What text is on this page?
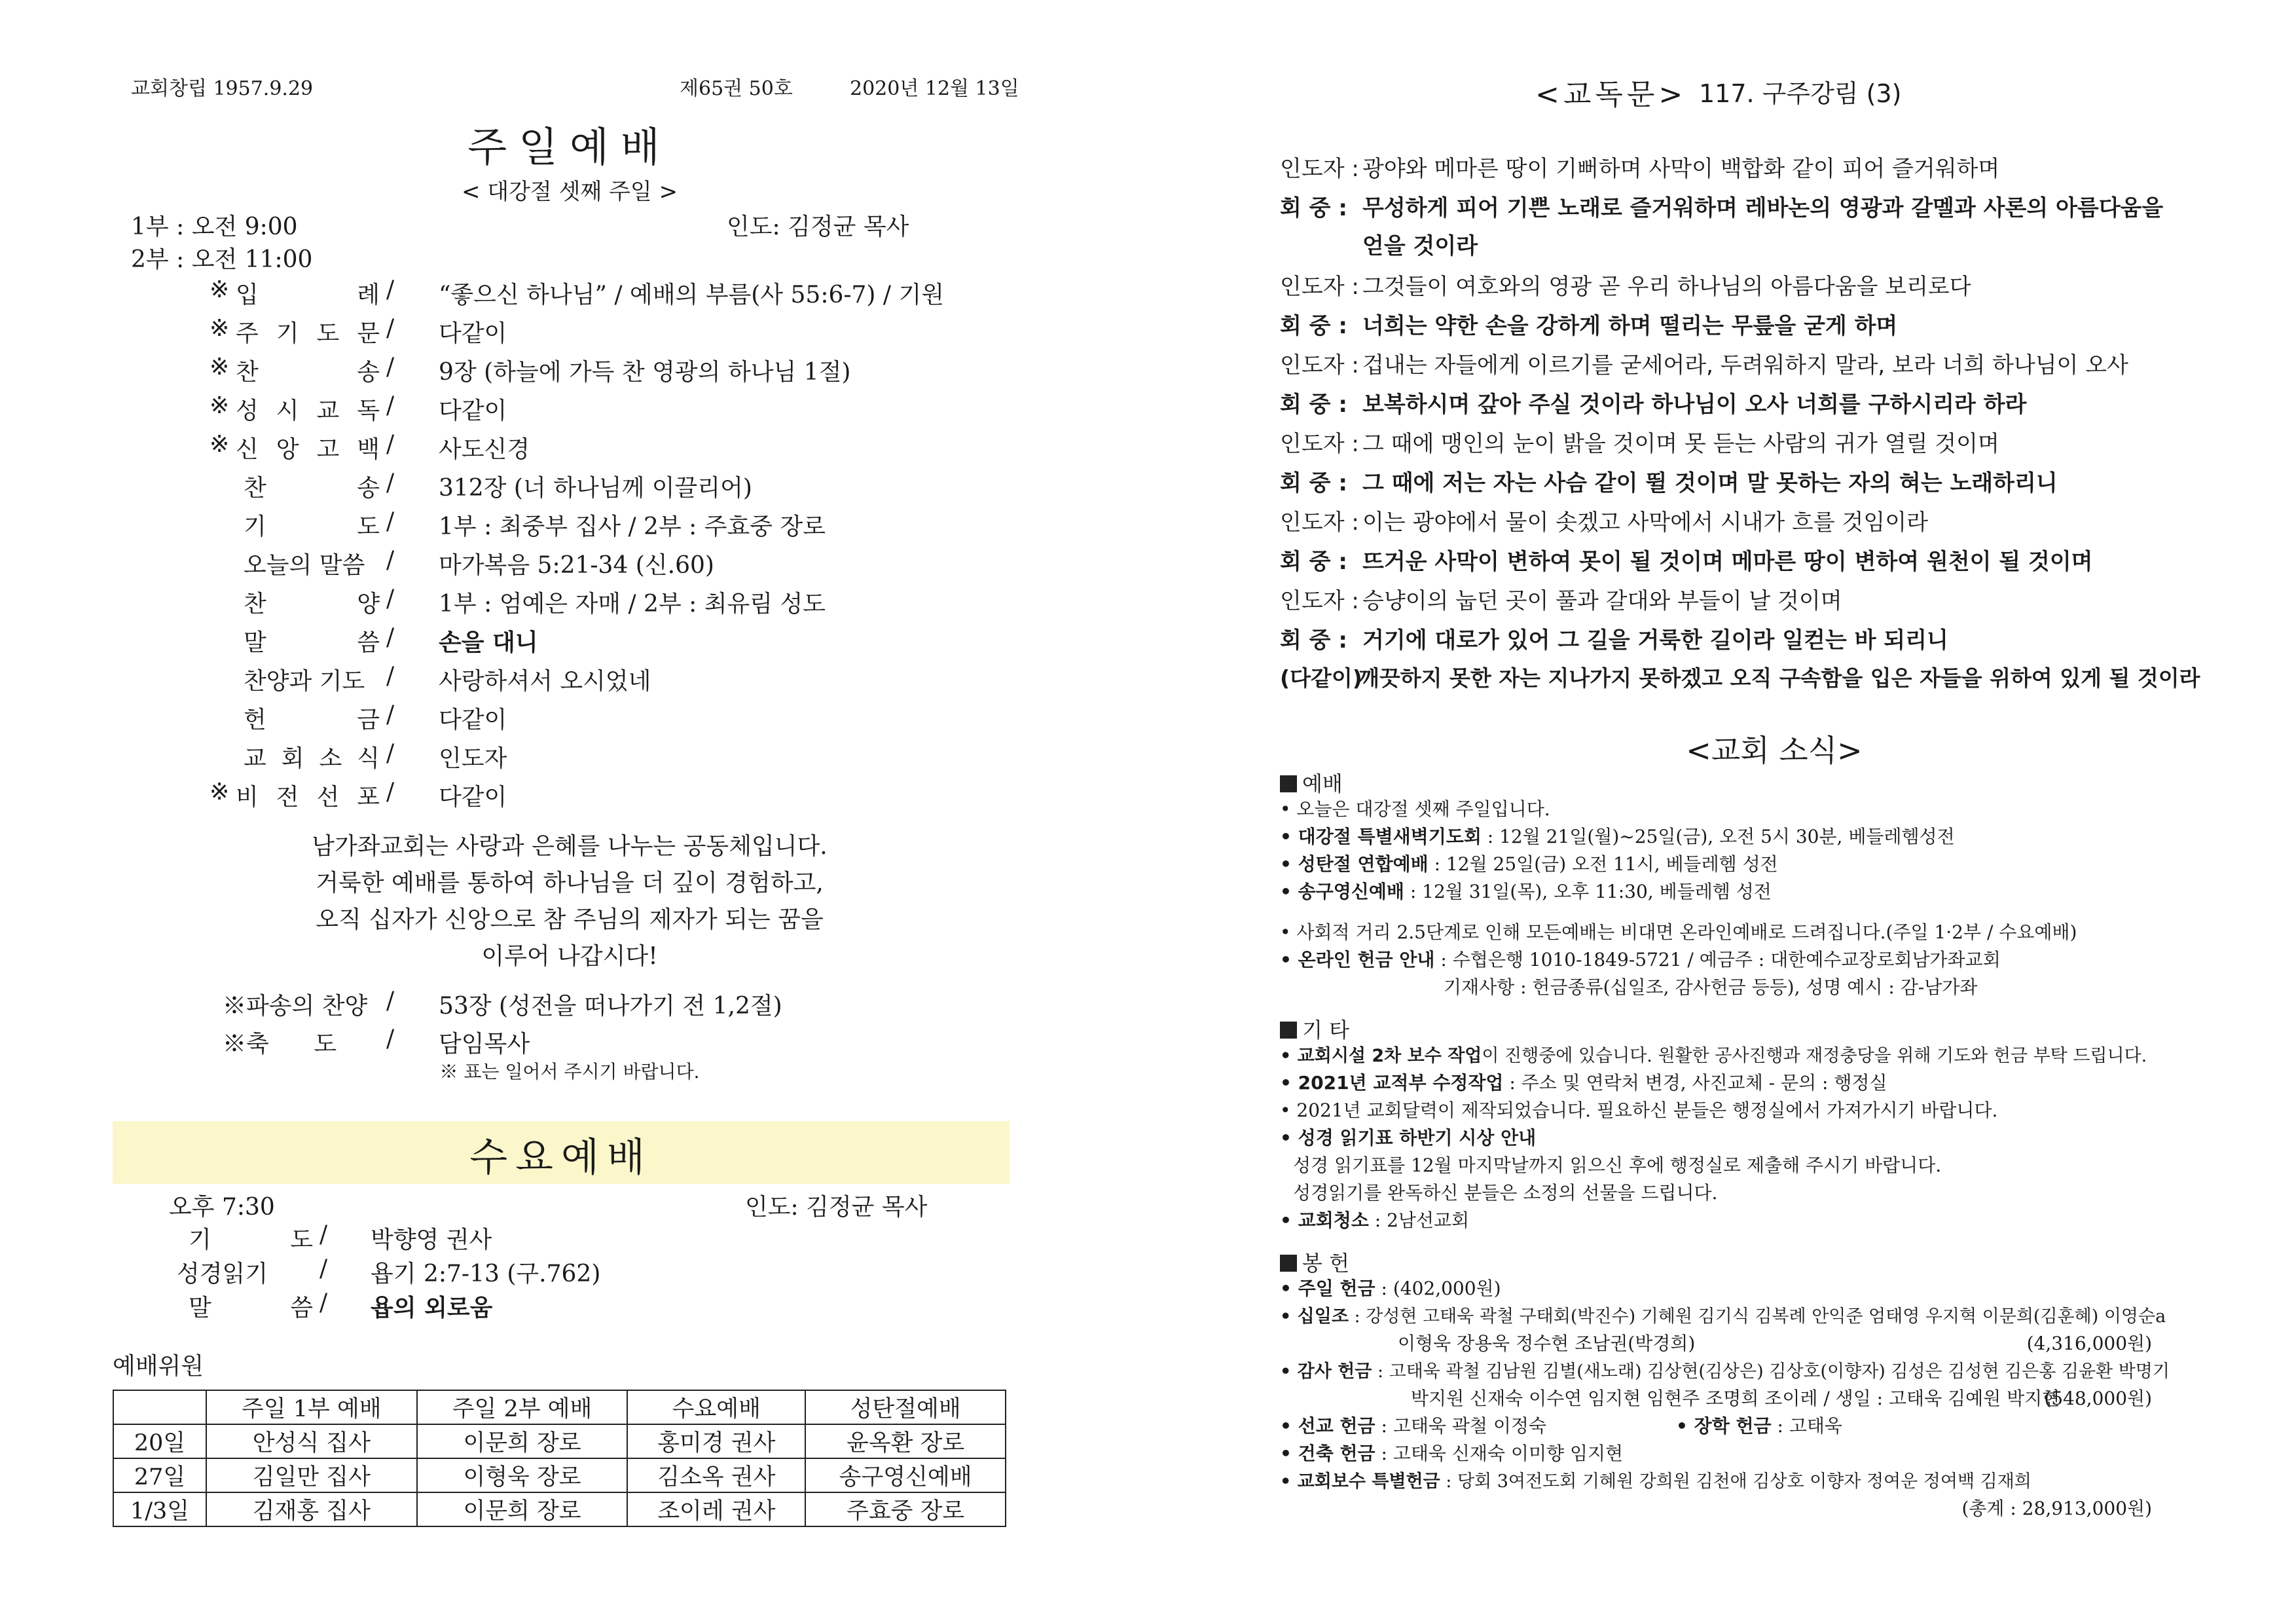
교회창립 1957.9.29	제65권 50호	2020년 12월 13일
주일예배
< 대강절 셋째 주일 >
1부 : 오전 9:00
2부 : 오전 11:00
인도: 김정균 목사
※ 입	례 / “좋으신 하나님” / 예배의 부름(사 55:6-7) / 기원
※ 주 기 도 문 / 다같이
※ 찬	송 / 9장 (하늘에 가득 찬 영광의 하나님 1절)
※ 성 시 교 독 / 다같이
※ 신 앙 고 백 / 사도신경
찬	송 / 312장 (너 하나님께 이끌리어)
기	도 / 1부 : 최중부 집사 / 2부 : 주효중 장로
오늘의 말씀 / 마가복음 5:21-34 (신.60)
찬	양 / 1부 : 엄예은 자매 / 2부 : 최유림 성도
말	씀 / 손을 대니
찬양과 기도 / 사랑하셔서 오시었네
헌	금 / 다같이
교 회 소 식 / 인도자
※ 비 전 선 포 / 다같이
남가좌교회는 사랑과 은혜를 나누는 공동체입니다.
거룩한 예배를 통하여 하나님을 더 깊이 경험하고,
오직 십자가 신앙으로 참 주님의 제자가 되는 꿈을
이루어 나갑시다!
※파송의 찬양 / 53장 (성전을 떠나가기 전 1,2절)
※축      도	/ 담임목사
※ 표는 일어서 주시기 바랍니다.
수요예배
오후 7:30	인도: 김정균 목사
기	도 / 박향영 권사
성경읽기	/ 욥기 2:7-13 (구.762)
말	씀 / 욥의 외로움
예배위원
	주일 1부 예배	주일 2부 예배	수요예배	성탄절예배
20일	안성식 집사	이문희 장로	홍미경 권사	윤옥환 장로
27일	김일만 집사	이형욱 장로	김소옥 권사	송구영신예배
1/3일	김재홍 집사	이문희 장로	조이레 권사	주효중 장로
<교독문> 117. 구주강림 (3)
인도자 : 광야와 메마른 땅이 기뻐하며 사막이 백합화 같이 피어 즐거워하며
회 중 : 무성하게 피어 기쁜 노래로 즐거워하며 레바논의 영광과 갈멜과 사론의 아름다움을
얻을 것이라
인도자 : 그것들이 여호와의 영광 곧 우리 하나님의 아름다움을 보리로다
회 중 : 너희는 약한 손을 강하게 하며 떨리는 무릎을 굳게 하며
인도자 : 겁내는 자들에게 이르기를 굳세어라, 두려워하지 말라, 보라 너희 하나님이 오사
회 중 : 보복하시며 갚아 주실 것이라 하나님이 오사 너희를 구하시리라 하라
인도자 : 그 때에 맹인의 눈이 밝을 것이며 못 듣는 사람의 귀가 열릴 것이며
회 중 : 그 때에 저는 자는 사슴 같이 뛸 것이며 말 못하는 자의 혀는 노래하리니
인도자 : 이는 광야에서 물이 솟겠고 사막에서 시내가 흐를 것임이라
회 중 : 뜨거운 사막이 변하여 못이 될 것이며 메마른 땅이 변하여 원천이 될 것이며
인도자 : 승냥이의 눕던 곳이 풀과 갈대와 부들이 날 것이며
회 중 : 거기에 대로가 있어 그 길을 거룩한 길이라 일컫는 바 되리니
(다같이)깨끗하지 못한 자는 지나가지 못하겠고 오직 구속함을 입은 자들을 위하여 있게 될 것이라
<교회 소식>
예배
• 오늘은 대강절 셋째 주일입니다.
• 대강절 특별새벽기도회 : 12월 21일(월)~25일(금), 오전 5시 30분, 베들레헴성전
• 성탄절 연합예배 : 12월 25일(금) 오전 11시, 베들레헴 성전
• 송구영신예배 : 12월 31일(목), 오후 11:30, 베들레헴 성전
• 사회적 거리 2.5단계로 인해 모든예배는 비대면 온라인예배로 드려집니다.(주일 1·2부 / 수요예배)
• 온라인 헌금 안내 : 수협은행 1010-1849-5721 / 예금주 : 대한예수교장로회남가좌교회
기재사항 : 헌금종류(십일조, 감사헌금 등등), 성명 예시 : 감-남가좌
기 타
• 교회시설 2차 보수 작업이 진행중에 있습니다. 원활한 공사진행과 재정충당을 위해 기도와 헌금 부탁 드립니다.
• 2021년 교적부 수정작업 : 주소 및 연락처 변경, 사진교체 - 문의 : 행정실
• 2021년 교회달력이 제작되었습니다. 필요하신 분들은 행정실에서 가져가시기 바랍니다.
• 성경 읽기표 하반기 시상 안내
성경 읽기표를 12월 마지막날까지 읽으신 후에 행정실로 제출해 주시기 바랍니다.
성경읽기를 완독하신 분들은 소정의 선물을 드립니다.
• 교회청소 : 2남선교회
봉 헌
• 주일 헌금 : (402,000원)
• 십일조 : 강성현 고태욱 곽철 구태회(박진수) 기혜원 김기식 김복례 안익준 엄태영 우지혁 이문희(김훈혜) 이영순a
이형욱 장용욱 정수현 조남권(박경희)	(4,316,000원)
• 감사 헌금 : 고태욱 곽철 김남원 김별(새노래) 김상현(김상은) 김상호(이향자) 김성은 김성현 김은홍 김윤환 박명기
박지원 신재숙 이수연 임지현 임현주 조명희 조이레 / 생일 : 고태욱 김예원 박지현
(548,000원)
• 선교 헌금 : 고태욱 곽철 이정숙	• 장학 헌금 : 고태욱
• 건축 헌금 : 고태욱 신재숙 이미향 임지현
• 교회보수 특별헌금 : 당회 3여전도회 기혜원 강희원 김천애 김상호 이향자 정여운 정여백 김재희
(총계 : 28,913,000원)
